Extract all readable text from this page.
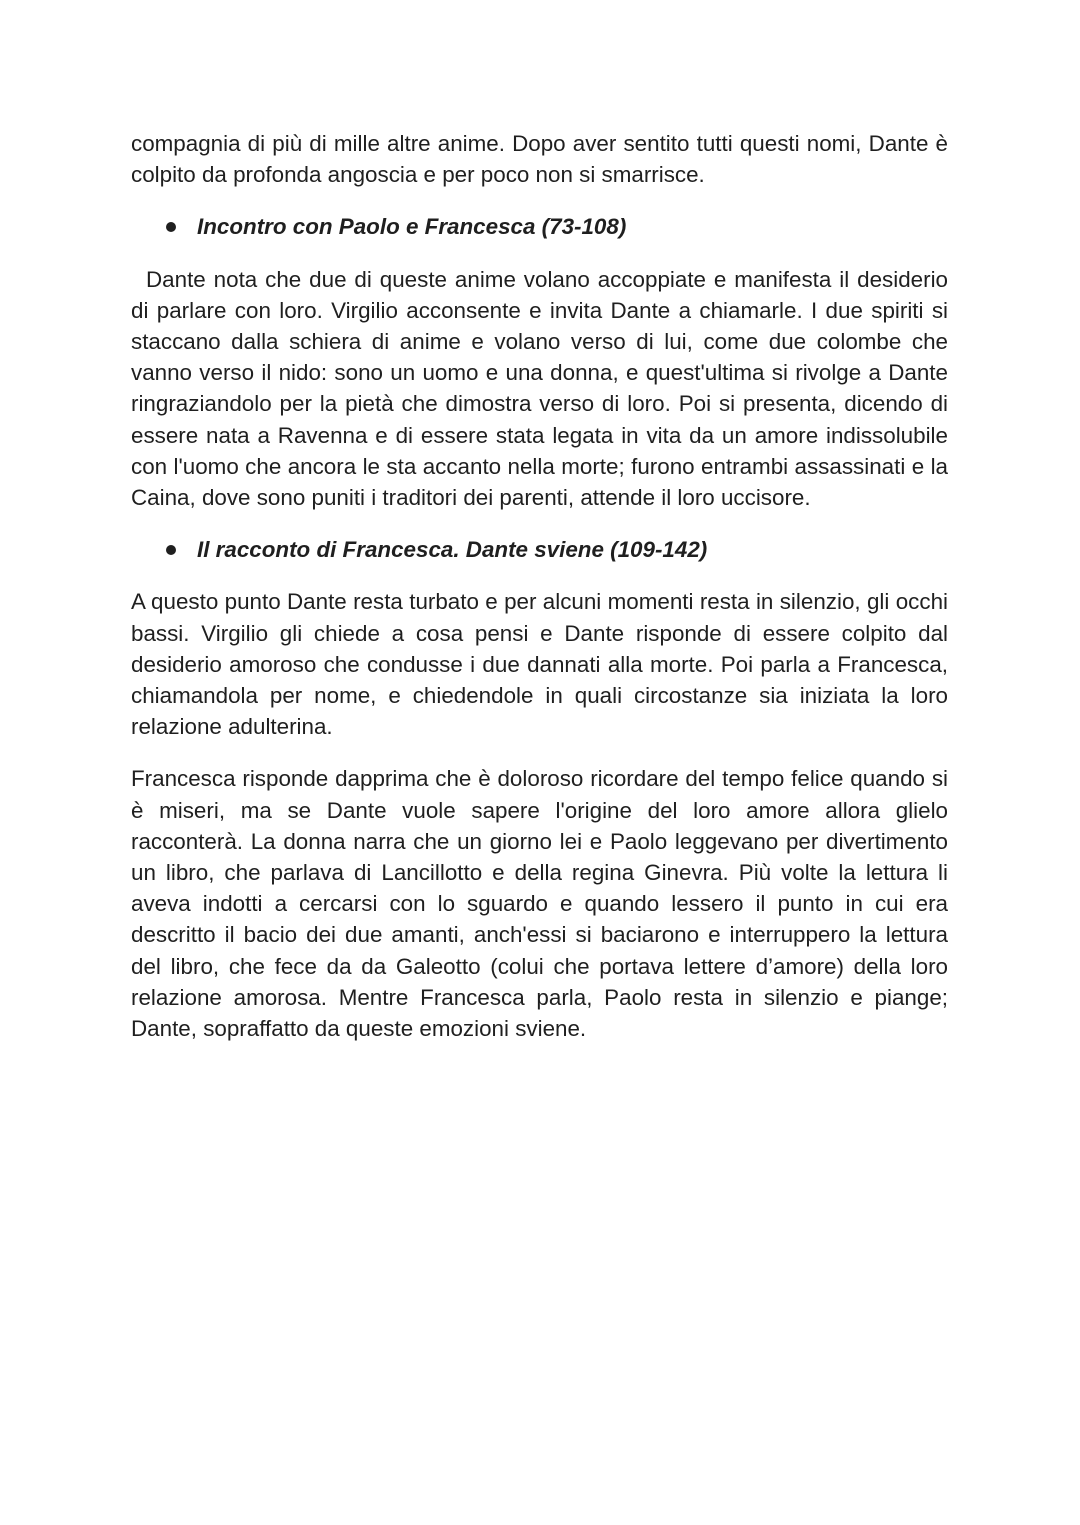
compagnia di più di mille altre anime. Dopo aver sentito tutti questi nomi, Dante è colpito da profonda angoscia e per poco non si smarrisce.

Incontro con Paolo e Francesca (73-108)

Dante nota che due di queste anime volano accoppiate e manifesta il desiderio di parlare con loro. Virgilio acconsente e invita Dante a chiamarle. I due spiriti si staccano dalla schiera di anime e volano verso di lui, come due colombe che vanno verso il nido: sono un uomo e una donna, e quest'ultima si rivolge a Dante ringraziandolo per la pietà che dimostra verso di loro. Poi si presenta, dicendo di essere nata a Ravenna e di essere stata legata in vita da un amore indissolubile con l'uomo che ancora le sta accanto nella morte; furono entrambi assassinati e la Caina, dove sono puniti i traditori dei parenti, attende il loro uccisore.

Il racconto di Francesca. Dante sviene (109-142)

A questo punto Dante resta turbato e per alcuni momenti resta in silenzio, gli occhi bassi. Virgilio gli chiede a cosa pensi e Dante risponde di essere colpito dal desiderio amoroso che condusse i due dannati alla morte. Poi parla a Francesca, chiamandola per nome, e chiedendole in quali circostanze sia iniziata la loro relazione adulterina.

Francesca risponde dapprima che è doloroso ricordare del tempo felice quando si è miseri, ma se Dante vuole sapere l'origine del loro amore allora glielo racconterà. La donna narra che un giorno lei e Paolo leggevano per divertimento un libro, che parlava di Lancillotto e della regina Ginevra. Più volte la lettura li aveva indotti a cercarsi con lo sguardo e quando lessero il punto in cui era descritto il bacio dei due amanti, anch'essi si baciarono e interruppero la lettura del libro, che fece da da Galeotto (colui che portava lettere d’amore) della loro relazione amorosa. Mentre Francesca parla, Paolo resta in silenzio e piange; Dante, sopraffatto da queste emozioni sviene.
